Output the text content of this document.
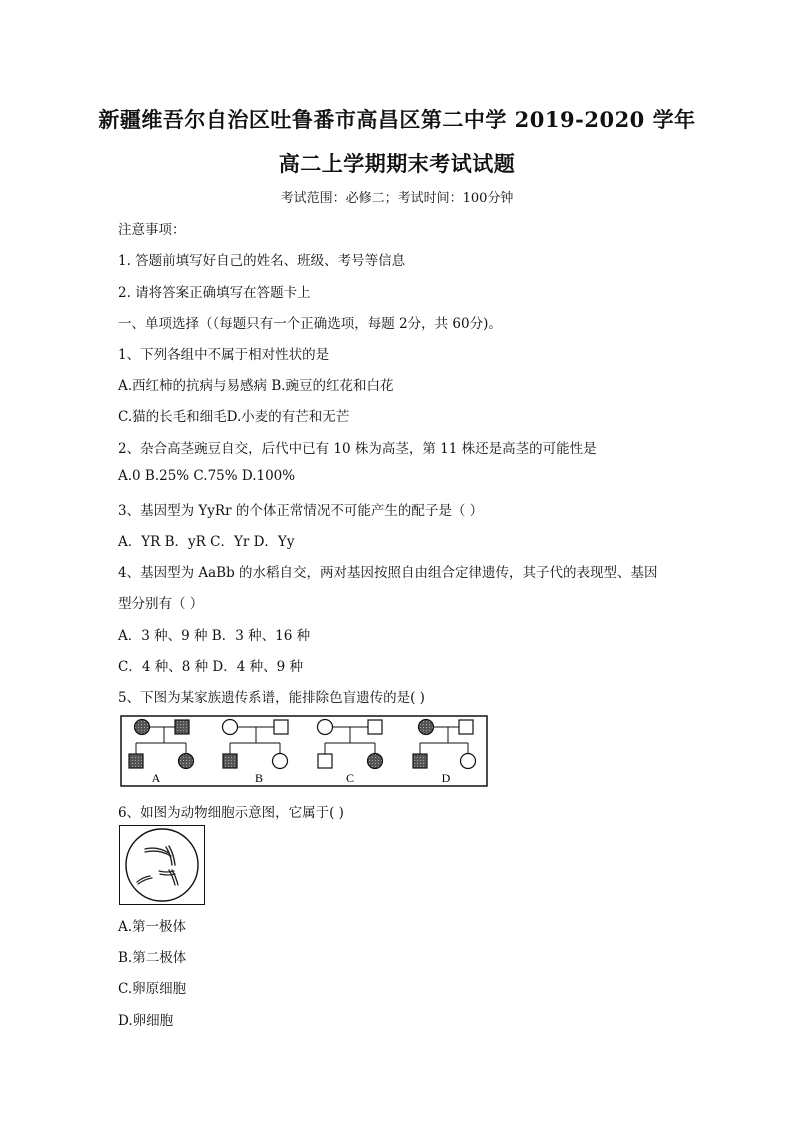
新疆维吾尔自治区吐鲁番市高昌区第二中学 2019-2020 学年
高二上学期期末考试试题
考试范围：必修二；考试时间：100分钟
注意事项：
1. 答题前填写好自己的姓名、班级、考号等信息
2. 请将答案正确填写在答题卡上
一、单项选择（（每题只有一个正确选项，每题 2分，共 60分)。
1、下列各组中不属于相对性状的是
A.西红柿的抗病与易感病 B.豌豆的红花和白花
C.猫的长毛和细毛D.小麦的有芒和无芒
2、杂合高茎豌豆自交，后代中已有 10 株为高茎，第 11 株还是高茎的可能性是
A.0 B.25% C.75% D.100%
3、基因型为 YyRr 的个体正常情况不可能产生的配子是（ ）
A．YR B．yR C．Yr D．Yy
4、基因型为 AaBb 的水稻自交，两对基因按照自由组合定律遗传，其子代的表现型、基因
型分别有（ ）
A．3 种、9 种 B．3 种、16 种
C．4 种、8 种 D．4 种、9 种
5、下图为某家族遗传系谱，能排除色盲遗传的是( )
A	B	C	D
6、如图为动物细胞示意图，它属于( )
A.第一极体
B.第二极体
C.卵原细胞
D.卵细胞
